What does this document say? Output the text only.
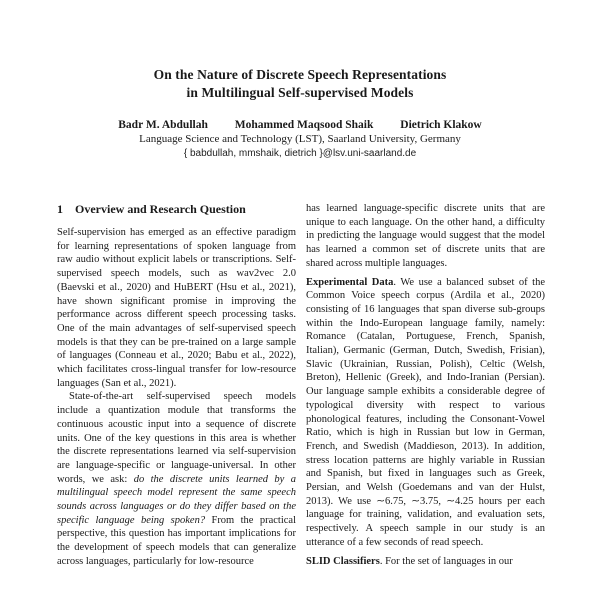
On the Nature of Discrete Speech Representations
in Multilingual Self-supervised Models
Badr M. Abdullah Mohammed Maqsood Shaik Dietrich Klakow
Language Science and Technology (LST), Saarland University, Germany
{ babdullah, mmshaik, dietrich }@lsv.uni-saarland.de
1 Overview and Research Question

Self-supervision has emerged as an effective paradigm for learning representations of spoken language from raw audio without explicit labels or transcriptions. Self-supervised speech models, such as wav2vec 2.0 (Baevski et al., 2020) and HuBERT (Hsu et al., 2021), have shown significant promise in improving the performance across different speech processing tasks. One of the main advantages of self-supervised speech models is that they can be pre-trained on a large sample of languages (Conneau et al., 2020; Babu et al., 2022), which facilitates cross-lingual transfer for low-resource languages (San et al., 2021).

State-of-the-art self-supervised speech models include a quantization module that transforms the continuous acoustic input into a sequence of discrete units. One of the key questions in this area is whether the discrete representations learned via self-supervision are language-specific or language-universal. In other words, we ask: do the discrete units learned by a multilingual speech model represent the same speech sounds across languages or do they differ based on the specific language being spoken? From the practical perspective, this question has important implications for the development of speech models that can generalize across languages, particularly for low-resource

has learned language-specific discrete units that are unique to each language. On the other hand, a difficulty in predicting the language would suggest that the model has learned a common set of discrete units that are shared across multiple languages.

Experimental Data. We use a balanced subset of the Common Voice speech corpus (Ardila et al., 2020) consisting of 16 languages that span diverse sub-groups within the Indo-European language family, namely: Romance (Catalan, Portuguese, French, Spanish, Italian), Germanic (German, Dutch, Swedish, Frisian), Slavic (Ukrainian, Russian, Polish), Celtic (Welsh, Breton), Hellenic (Greek), and Indo-Iranian (Persian). Our language sample exhibits a considerable degree of typological diversity with respect to various phonological features, including the Consonant-Vowel Ratio, which is high in Russian but low in German, French, and Swedish (Maddieson, 2013). In addition, stress location patterns are highly variable in Russian and Spanish, but fixed in languages such as Greek, Persian, and Welsh (Goedemans and van der Hulst, 2013). We use ∼6.75, ∼3.75, ∼4.25 hours per each language for training, validation, and evaluation sets, respectively. A speech sample in our study is an utterance of a few seconds of read speech.

SLID Classifiers. For the set of languages in our
